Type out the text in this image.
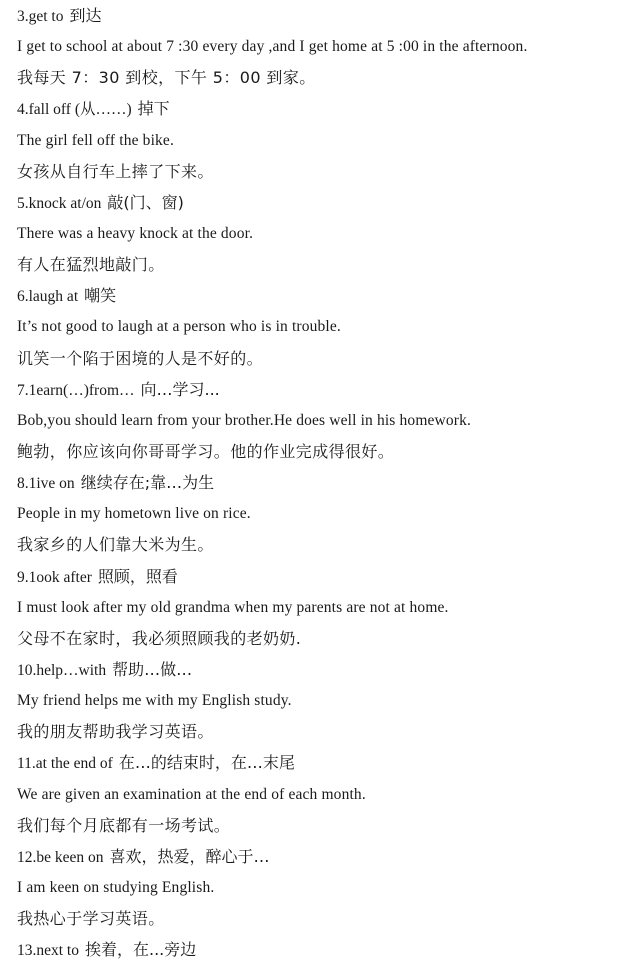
3.get to 到达
I get to school at about 7 :30 every day ,and I get home at 5 :00 in the afternoon.
我每天 7：30 到校，下午 5：00 到家。
4.fall off (从……) 掉下
The girl fell off the bike.
女孩从自行车上摔了下来。
5.knock at/on 敲(门、窗)
There was a heavy knock at the door.
有人在猛烈地敲门。
6.laugh at 嘲笑
It’s not good to laugh at a person who is in trouble.
讥笑一个陷于困境的人是不好的。
7.1earn(…)from… 向…学习...
Bob,you should learn from your brother.He does well in his homework.
鲍勃，你应该向你哥哥学习。他的作业完成得很好。
8.1ive on 继续存在;靠…为生
People in my hometown live on rice.
我家乡的人们靠大米为生。
9.1ook after 照顾，照看
I must look after my old grandma when my parents are not at home.
父母不在家时，我必须照顾我的老奶奶.
10.help…with 帮助…做…
My friend helps me with my English study.
我的朋友帮助我学习英语。
11.at the end of 在…的结束时，在…末尾
We are given an examination at the end of each month.
我们每个月底都有一场考试。
12.be keen on 喜欢，热爱，醉心于…
I am keen on studying English.
我热心于学习英语。
13.next to 挨着，在...旁边
